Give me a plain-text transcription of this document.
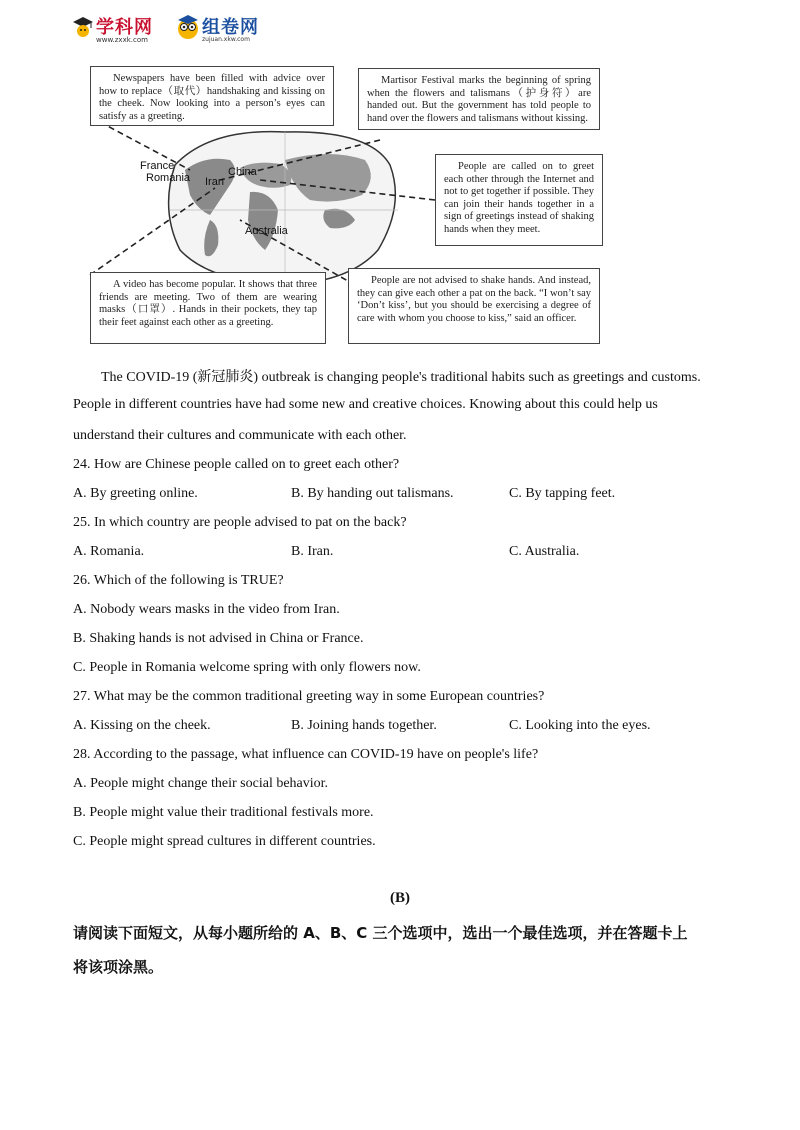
学科网
www.zxxk.com
组卷网
zujuan.xkw.com
Newspapers have been filled with advice over how to replace（取代）handshaking and kissing on the cheek. Now looking into a person’s eyes can satisfy as a greeting.
Martisor Festival marks the beginning of spring when the flowers and talismans（护身符）are handed out. But the government has told people to hand over the flowers and talismans without kissing.
People are called on to greet each other through the Internet and not to get together if possible. They can join their hands together in a sign of greetings instead of shaking hands when they meet.
A video has become popular. It shows that three friends are meeting. Two of them are wearing masks（口罩）. Hands in their pockets, they tap their feet against each other as a greeting.
People are not advised to shake hands. And instead, they can give each other a pat on the back. “I won’t say ‘Don’t kiss’, but you should be exercising a degree of care with whom you choose to kiss,” said an officer.
France
Romania Iran
China
Australia
The COVID-19 (新冠肺炎) outbreak is changing people's traditional habits such as greetings and customs.
People in different countries have had some new and creative choices. Knowing about this could help us
understand their cultures and communicate with each other.
24. How are Chinese people called on to greet each other?
A. By greeting online.	B. By handing out talismans.	C. By tapping feet.
25. In which country are people advised to pat on the back?
A. Romania.	B. Iran.	C. Australia.
26. Which of the following is TRUE?
A. Nobody wears masks in the video from Iran.
B. Shaking hands is not advised in China or France.
C. People in Romania welcome spring with only flowers now.
27. What may be the common traditional greeting way in some European countries?
A. Kissing on the cheek.	B. Joining hands together.	C. Looking into the eyes.
28. According to the passage, what influence can COVID-19 have on people's life?
A. People might change their social behavior.
B. People might value their traditional festivals more.
C. People might spread cultures in different countries.
(B)
请阅读下面短文，从每小题所给的 A、B、C 三个选项中，选出一个最佳选项，并在答题卡上
将该项涂黑。
